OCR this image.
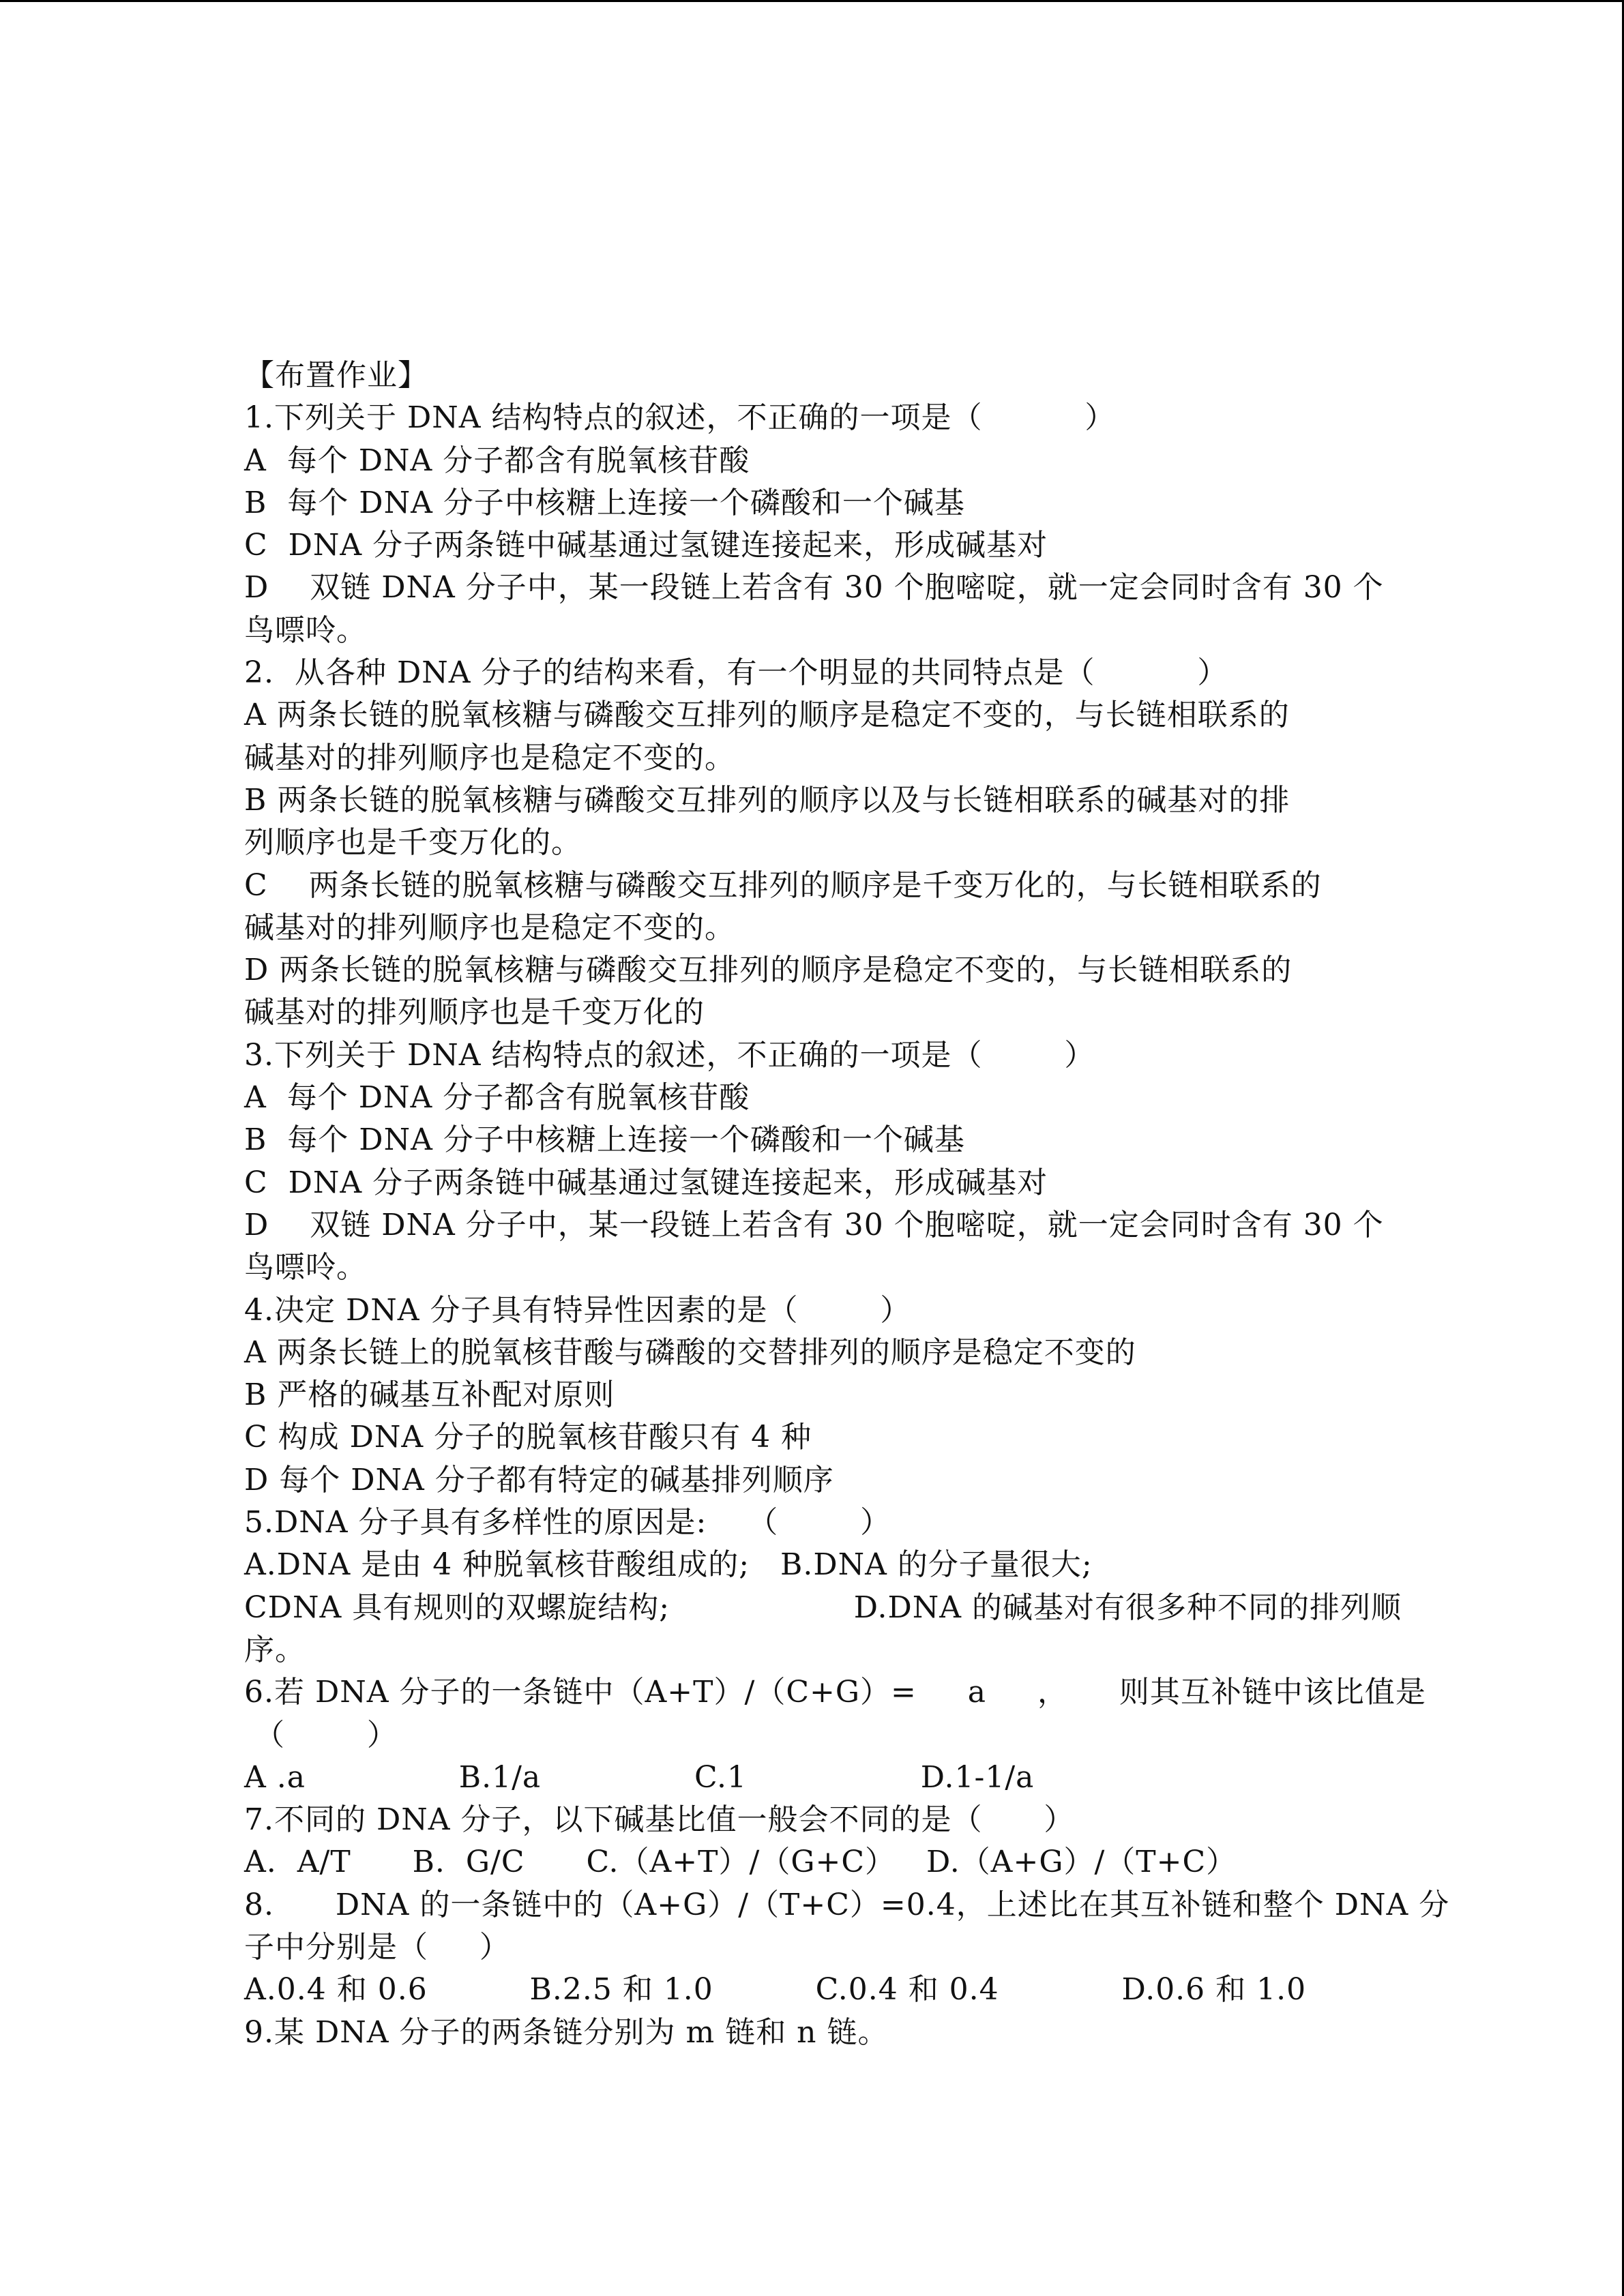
【布置作业】
1.下列关于 DNA 结构特点的叙述，不正确的一项是（          ）
A  每个 DNA 分子都含有脱氧核苷酸
B  每个 DNA 分子中核糖上连接一个磷酸和一个碱基
C  DNA 分子两条链中碱基通过氢键连接起来，形成碱基对
D    双链 DNA 分子中，某一段链上若含有 30 个胞嘧啶，就一定会同时含有 30 个
鸟嘌呤。
2.  从各种 DNA 分子的结构来看，有一个明显的共同特点是（          ）
A 两条长链的脱氧核糖与磷酸交互排列的顺序是稳定不变的，与长链相联系的
碱基对的排列顺序也是稳定不变的。
B 两条长链的脱氧核糖与磷酸交互排列的顺序以及与长链相联系的碱基对的排
列顺序也是千变万化的。
C    两条长链的脱氧核糖与磷酸交互排列的顺序是千变万化的，与长链相联系的
碱基对的排列顺序也是稳定不变的。
D 两条长链的脱氧核糖与磷酸交互排列的顺序是稳定不变的，与长链相联系的
碱基对的排列顺序也是千变万化的
3.下列关于 DNA 结构特点的叙述，不正确的一项是（        ）
A  每个 DNA 分子都含有脱氧核苷酸
B  每个 DNA 分子中核糖上连接一个磷酸和一个碱基
C  DNA 分子两条链中碱基通过氢键连接起来，形成碱基对
D    双链 DNA 分子中，某一段链上若含有 30 个胞嘧啶，就一定会同时含有 30 个
鸟嘌呤。
4.决定 DNA 分子具有特异性因素的是（        ）
A 两条长链上的脱氧核苷酸与磷酸的交替排列的顺序是稳定不变的
B 严格的碱基互补配对原则
C 构成 DNA 分子的脱氧核苷酸只有 4 种
D 每个 DNA 分子都有特定的碱基排列顺序
5.DNA 分子具有多样性的原因是:    （        ）
A.DNA 是由 4 种脱氧核苷酸组成的;   B.DNA 的分子量很大;
CDNA 具有规则的双螺旋结构;                  D.DNA 的碱基对有很多种不同的排列顺
序。
6.若 DNA 分子的一条链中（A+T）/（C+G）=     a     ，     则其互补链中该比值是
（        ）
A .a               B.1/a               C.1                 D.1-1/a
7.不同的 DNA 分子，以下碱基比值一般会不同的是（      ）
A.  A/T      B.  G/C      C.（A+T）/（G+C）   D.（A+G）/（T+C）
8.      DNA 的一条链中的（A+G）/（T+C）=0.4，上述比在其互补链和整个 DNA 分
子中分别是（     ）
A.0.4 和 0.6          B.2.5 和 1.0          C.0.4 和 0.4            D.0.6 和 1.0
9.某 DNA 分子的两条链分别为 m 链和 n 链。
